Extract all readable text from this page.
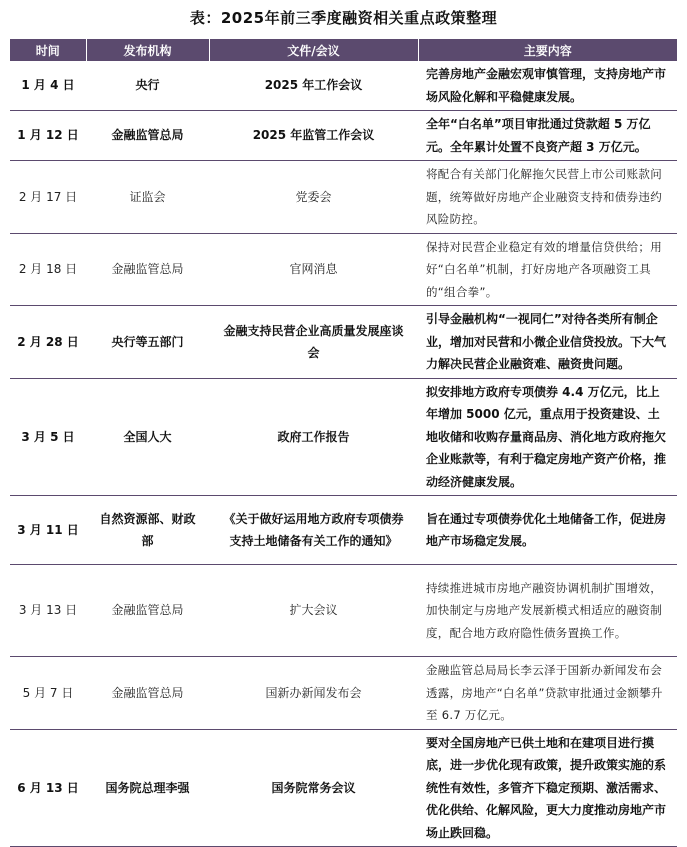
表：2025年前三季度融资相关重点政策整理
时间	发布机构	文件/会议	主要内容
1 月 4 日	央行	2025 年工作会议	完善房地产金融宏观审慎管理，支持房地产市场风险化解和平稳健康发展。
1 月 12 日	金融监管总局	2025 年监管工作会议	全年“白名单”项目审批通过贷款超 5 万亿元。全年累计处置不良资产超 3 万亿元。
2 月 17 日	证监会	党委会	将配合有关部门化解拖欠民营上市公司账款问题，统筹做好房地产企业融资支持和债券违约风险防控。
2 月 18 日	金融监管总局	官网消息	保持对民营企业稳定有效的增量信贷供给；用好“白名单”机制，打好房地产各项融资工具的“组合拳”。
2 月 28 日	央行等五部门	金融支持民营企业高质量发展座谈会	引导金融机构“一视同仁”对待各类所有制企业，增加对民营和小微企业信贷投放。下大气力解决民营企业融资难、融资贵问题。
3 月 5 日	全国人大	政府工作报告	拟安排地方政府专项债券 4.4 万亿元，比上年增加 5000 亿元，重点用于投资建设、土地收储和收购存量商品房、消化地方政府拖欠企业账款等，有利于稳定房地产资产价格，推动经济健康发展。
3 月 11 日	自然资源部、财政部	《关于做好运用地方政府专项债券支持土地储备有关工作的通知》	旨在通过专项债券优化土地储备工作，促进房地产市场稳定发展。
3 月 13 日	金融监管总局	扩大会议	持续推进城市房地产融资协调机制扩围增效，加快制定与房地产发展新模式相适应的融资制度，配合地方政府隐性债务置换工作。
5 月 7 日	金融监管总局	国新办新闻发布会	金融监管总局局长李云泽于国新办新闻发布会透露，房地产“白名单”贷款审批通过金额攀升至 6.7 万亿元。
6 月 13 日	国务院总理李强	国务院常务会议	要对全国房地产已供土地和在建项目进行摸底，进一步优化现有政策，提升政策实施的系统性有效性，多管齐下稳定预期、激活需求、优化供给、化解风险，更大力度推动房地产市场止跌回稳。
